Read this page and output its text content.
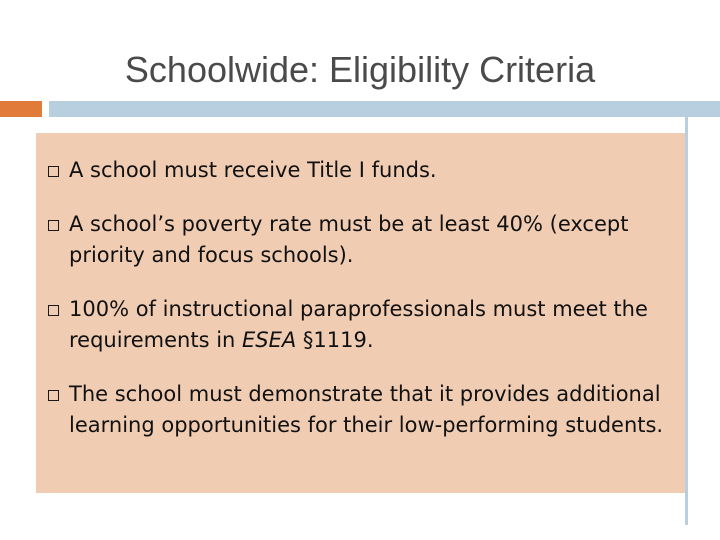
Schoolwide: Eligibility Criteria
A school must receive Title I funds.
A school’s poverty rate must be at least 40% (except priority and focus schools).
100% of instructional paraprofessionals must meet the requirements in ESEA §1119.
The school must demonstrate that it provides additional learning opportunities for their low-performing students.
